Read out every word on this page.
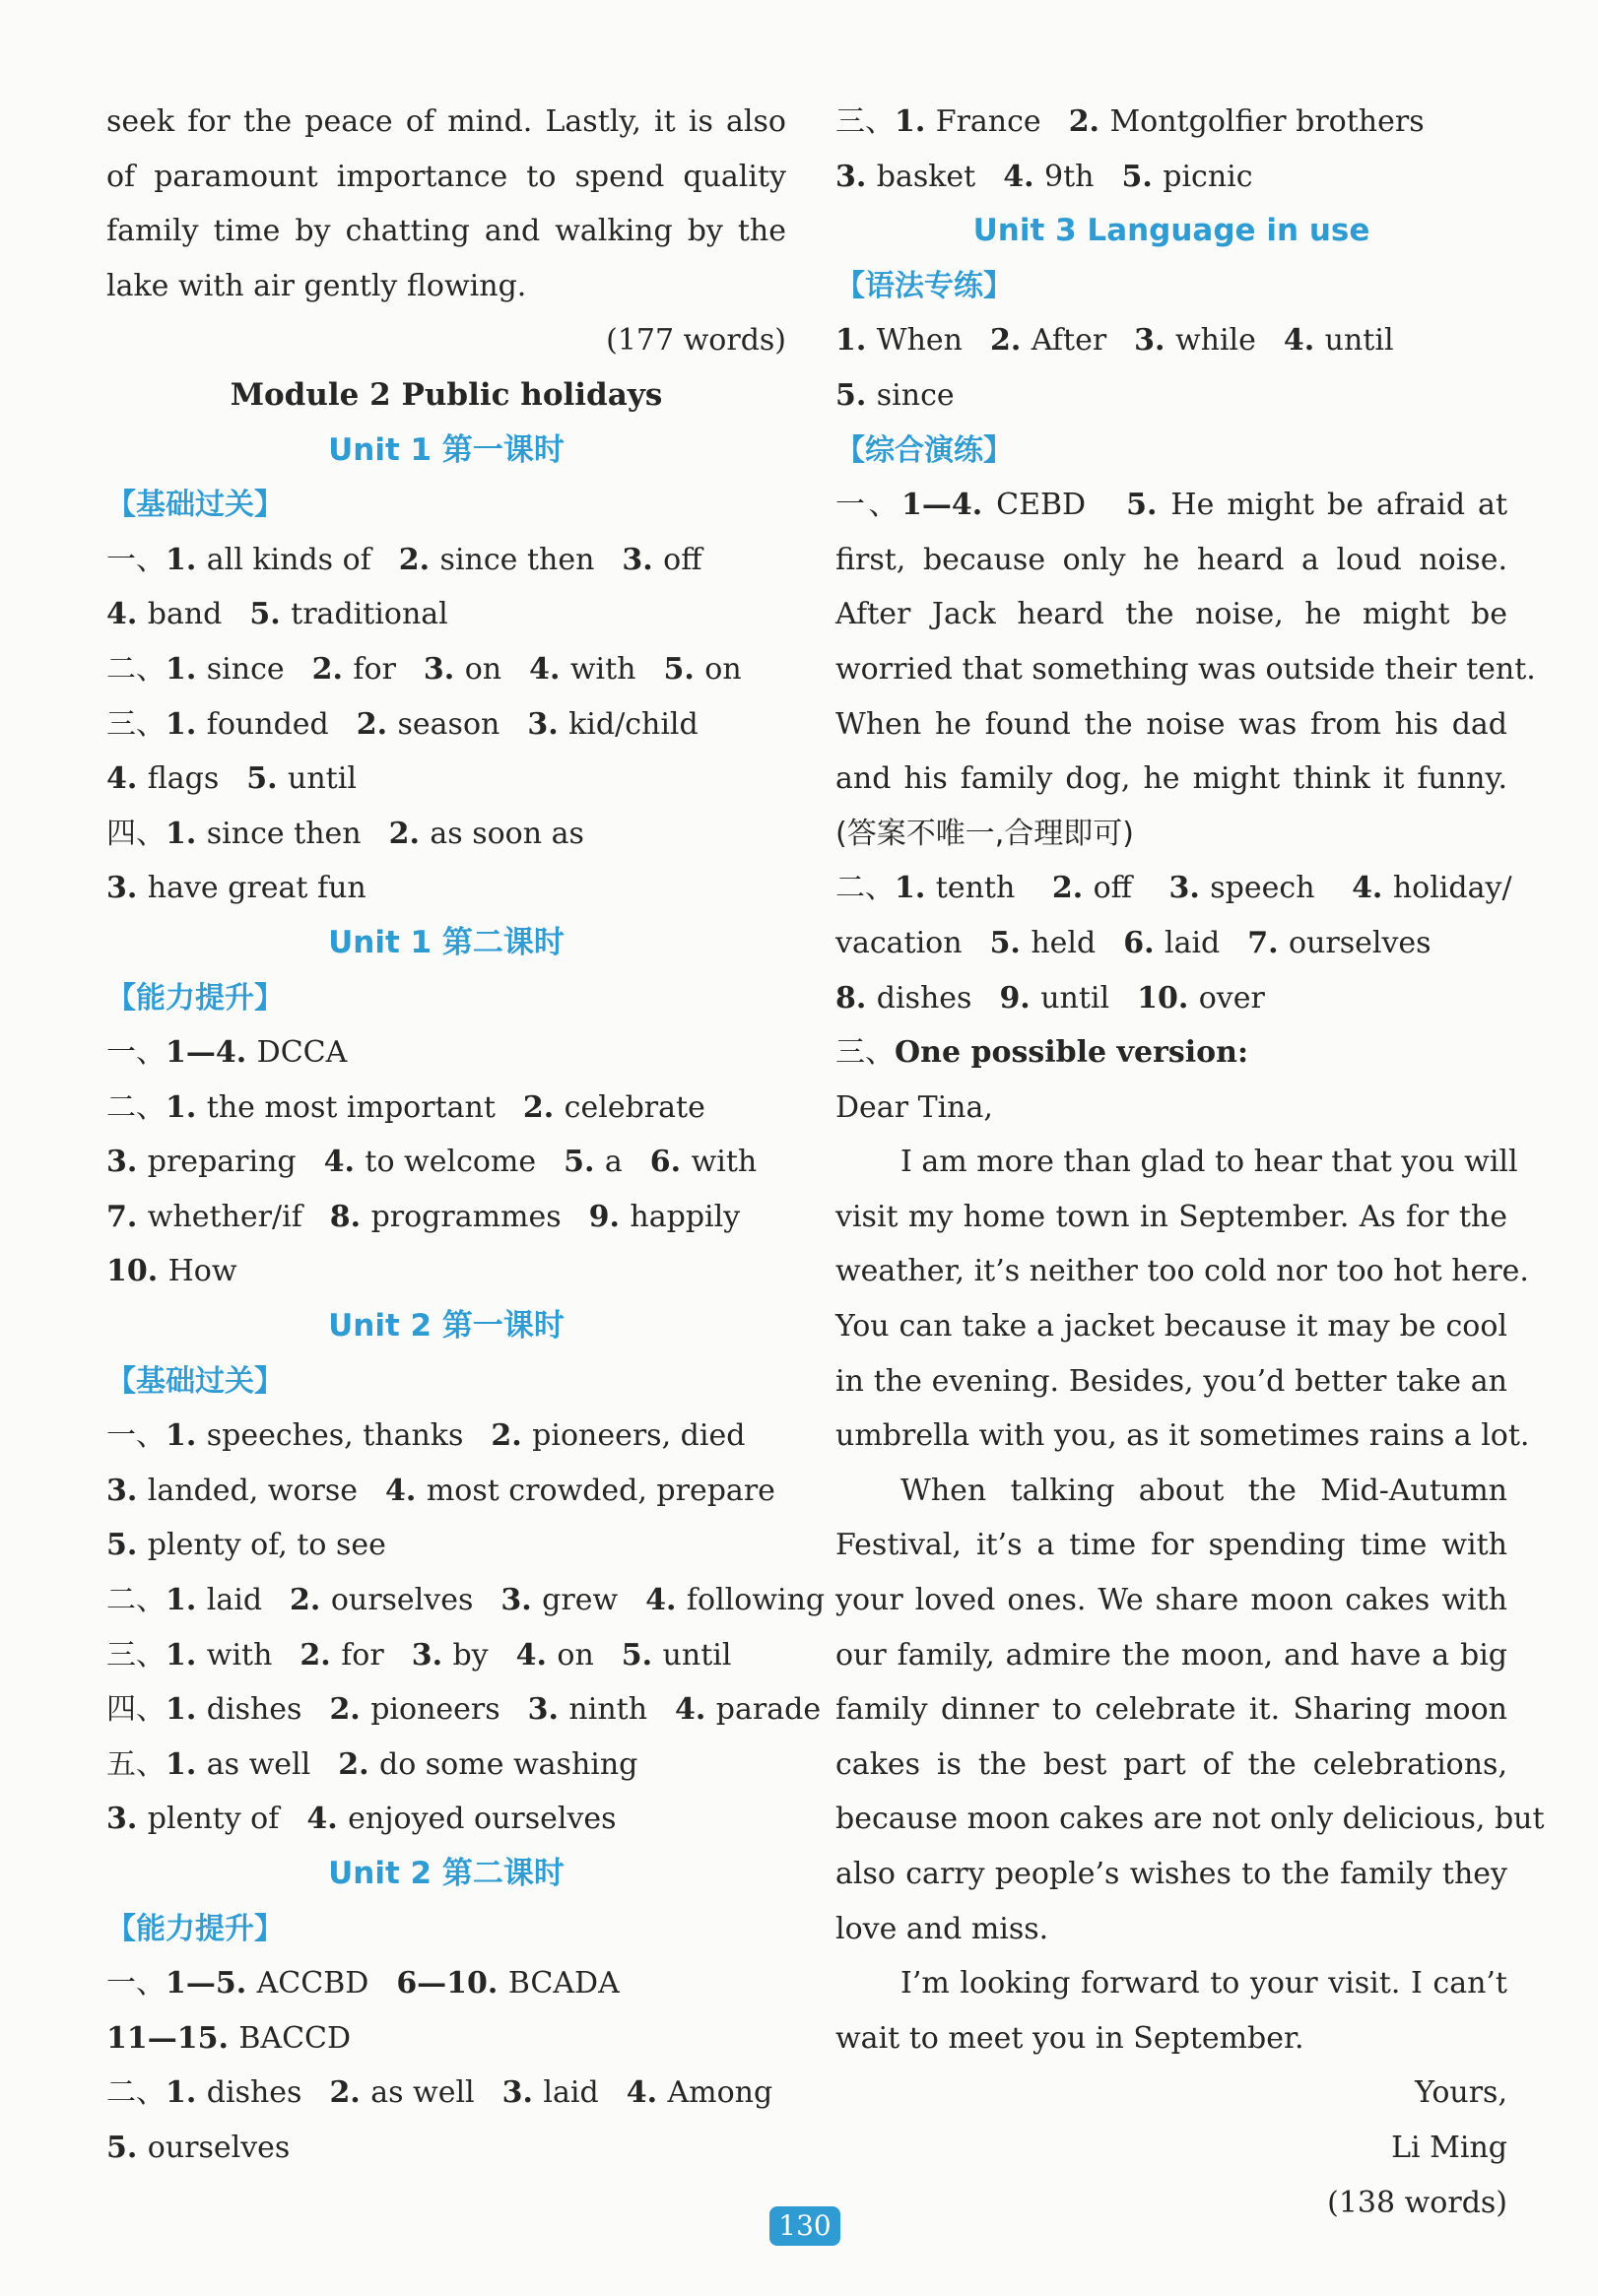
seek for the peace of mind. Lastly, it is also
of paramount importance to spend quality
family time by chatting and walking by the
lake with air gently flowing.
(177 words)
Module 2 Public holidays
Unit 1 第一课时
【基础过关】
一、1. all kinds of 2. since then 3. off
4. band 5. traditional
二、1. since 2. for 3. on 4. with 5. on
三、1. founded 2. season 3. kid/child
4. flags 5. until
四、1. since then 2. as soon as
3. have great fun
Unit 1 第二课时
【能力提升】
一、1—4. DCCA
二、1. the most important 2. celebrate
3. preparing 4. to welcome 5. a 6. with
7. whether/if 8. programmes 9. happily
10. How
Unit 2 第一课时
【基础过关】
一、1. speeches, thanks 2. pioneers, died
3. landed, worse 4. most crowded, prepare
5. plenty of, to see
二、1. laid 2. ourselves 3. grew 4. following
三、1. with 2. for 3. by 4. on 5. until
四、1. dishes 2. pioneers 3. ninth 4. parade
五、1. as well 2. do some washing
3. plenty of 4. enjoyed ourselves
Unit 2 第二课时
【能力提升】
一、1—5. ACCBD 6—10. BCADA
11—15. BACCD
二、1. dishes 2. as well 3. laid 4. Among
5. ourselves
三、1. France 2. Montgolfier brothers
3. basket 4. 9th 5. picnic
Unit 3 Language in use
【语法专练】
1. When 2. After 3. while 4. until
5. since
【综合演练】
一、1—4. CEBD 5. He might be afraid at
first, because only he heard a loud noise.
After Jack heard the noise, he might be
worried that something was outside their tent.
When he found the noise was from his dad
and his family dog, he might think it funny.
(答案不唯一,合理即可)
二、1. tenth 2. off 3. speech 4. holiday/
vacation 5. held 6. laid 7. ourselves
8. dishes 9. until 10. over
三、One possible version:
Dear Tina,
I am more than glad to hear that you will
visit my home town in September. As for the
weather, it’s neither too cold nor too hot here.
You can take a jacket because it may be cool
in the evening. Besides, you’d better take an
umbrella with you, as it sometimes rains a lot.
When talking about the Mid-Autumn
Festival, it’s a time for spending time with
your loved ones. We share moon cakes with
our family, admire the moon, and have a big
family dinner to celebrate it. Sharing moon
cakes is the best part of the celebrations,
because moon cakes are not only delicious, but
also carry people’s wishes to the family they
love and miss.
I’m looking forward to your visit. I can’t
wait to meet you in September.
Yours,
Li Ming
(138 words)
130
